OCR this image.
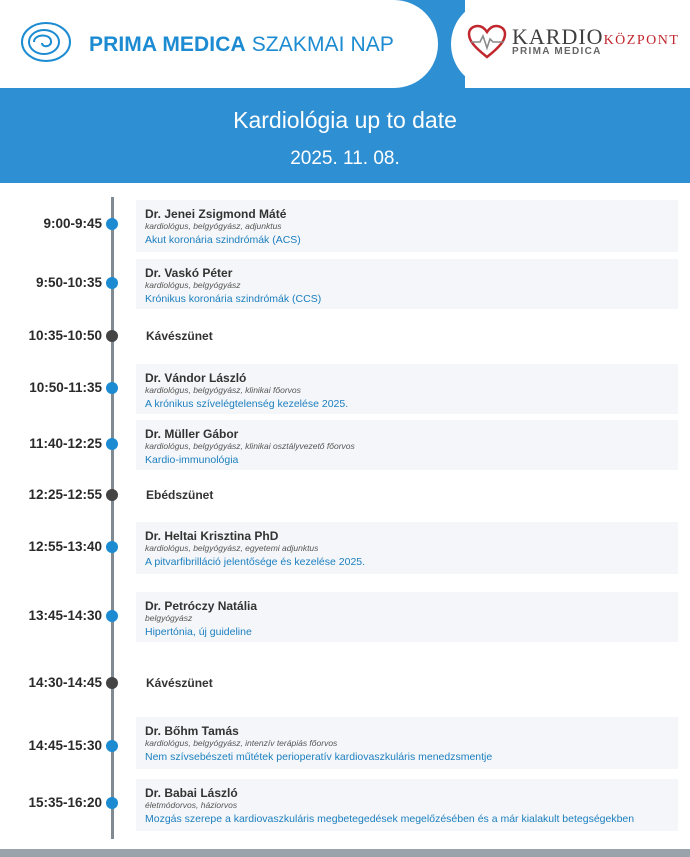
PRIMA MEDICA SZAKMAI NAP	KARDIOKÖZPONT
PRIMA MEDICA
Kardiológia up to date
2025. 11. 08.
9:00-9:45
Dr. Jenei Zsigmond Máté
kardiológus, belgyógyász, adjunktus
Akut koronária szindrómák (ACS)
9:50-10:35
Dr. Vaskó Péter
kardiológus, belgyógyász
Krónikus koronária szindrómák (CCS)
10:35-10:50	Kávészünet
10:50-11:35
Dr. Vándor László
kardiológus, belgyógyász, klinikai főorvos
A krónikus szívelégtelenség kezelése 2025.
11:40-12:25
Dr. Müller Gábor
kardiológus, belgyógyász, klinikai osztályvezető főorvos
Kardio-immunológia
12:25-12:55	Ebédszünet
12:55-13:40
Dr. Heltai Krisztina PhD
kardiológus, belgyógyász, egyetemi adjunktus
A pitvarfibrilláció jelentősége és kezelése 2025.
13:45-14:30
Dr. Petróczy Natália
belgyógyász
Hipertónia, új guideline
14:30-14:45	Kávészünet
14:45-15:30
Dr. Bőhm Tamás
kardiológus, belgyógyász, intenzív terápiás főorvos
Nem szívsebészeti műtétek perioperatív kardiovaszkuláris menedzsmentje
15:35-16:20
Dr. Babai László
életmódorvos, háziorvos
Mozgás szerepe a kardiovaszkuláris megbetegedések megelőzésében és a már kialakult betegségekben
